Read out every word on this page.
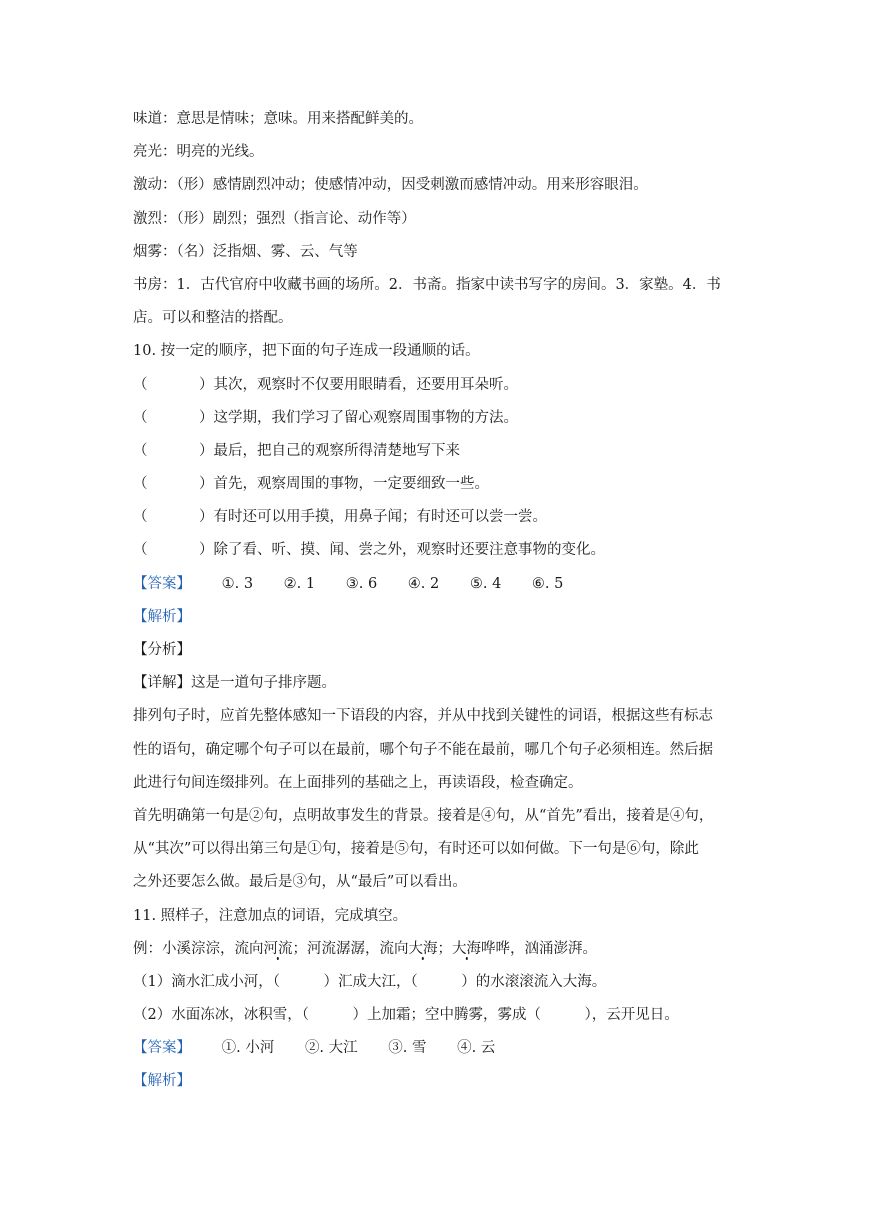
味道：意思是情味；意味。用来搭配鲜美的。
亮光：明亮的光线。
激动：（形）感情剧烈冲动；使感情冲动，因受刺激而感情冲动。用来形容眼泪。
激烈：（形）剧烈；强烈（指言论、动作等）
烟雾：（名）泛指烟、雾、云、气等
书房：1．古代官府中收藏书画的场所。2．书斋。指家中读书写字的房间。3．家塾。4．书
店。可以和整洁的搭配。
10. 按一定的顺序，把下面的句子连成一段通顺的话。
（	）其次，观察时不仅要用眼睛看，还要用耳朵听。
（	）这学期，我们学习了留心观察周围事物的方法。
（	）最后，把自己的观察所得清楚地写下来
（	）首先，观察周围的事物，一定要细致一些。
（	）有时还可以用手摸，用鼻子闻；有时还可以尝一尝。
（	）除了看、听、摸、闻、尝之外，观察时还要注意事物的变化。
【答案】 ①. 3 ②. 1 ③. 6 ④. 2 ⑤. 4 ⑥. 5
【解析】
【分析】
【详解】这是一道句子排序题。
排列句子时，应首先整体感知一下语段的内容，并从中找到关键性的词语，根据这些有标志
性的语句，确定哪个句子可以在最前，哪个句子不能在最前，哪几个句子必须相连。然后据
此进行句间连缀排列。在上面排列的基础之上，再读语段，检查确定。
首先明确第一句是②句，点明故事发生的背景。接着是④句，从“首先”看出，接着是④句，
从“其次”可以得出第三句是①句，接着是⑤句，有时还可以如何做。下一句是⑥句，除此
之外还要怎么做。最后是③句，从“最后”可以看出。
11. 照样子，注意加点的词语，完成填空。
例：小溪淙淙，流向河流；河流潺潺，流向大海；大海哗哗，汹涌澎湃。
（1）滴水汇成小河，（　　　）汇成大江，（　　　）的水滚滚流入大海。
（2）水面冻冰，冰积雪，（　　　）上加霜；空中腾雾，雾成（　　　），云开见日。
【答案】 ①. 小河 ②. 大江 ③. 雪 ④. 云
【解析】
